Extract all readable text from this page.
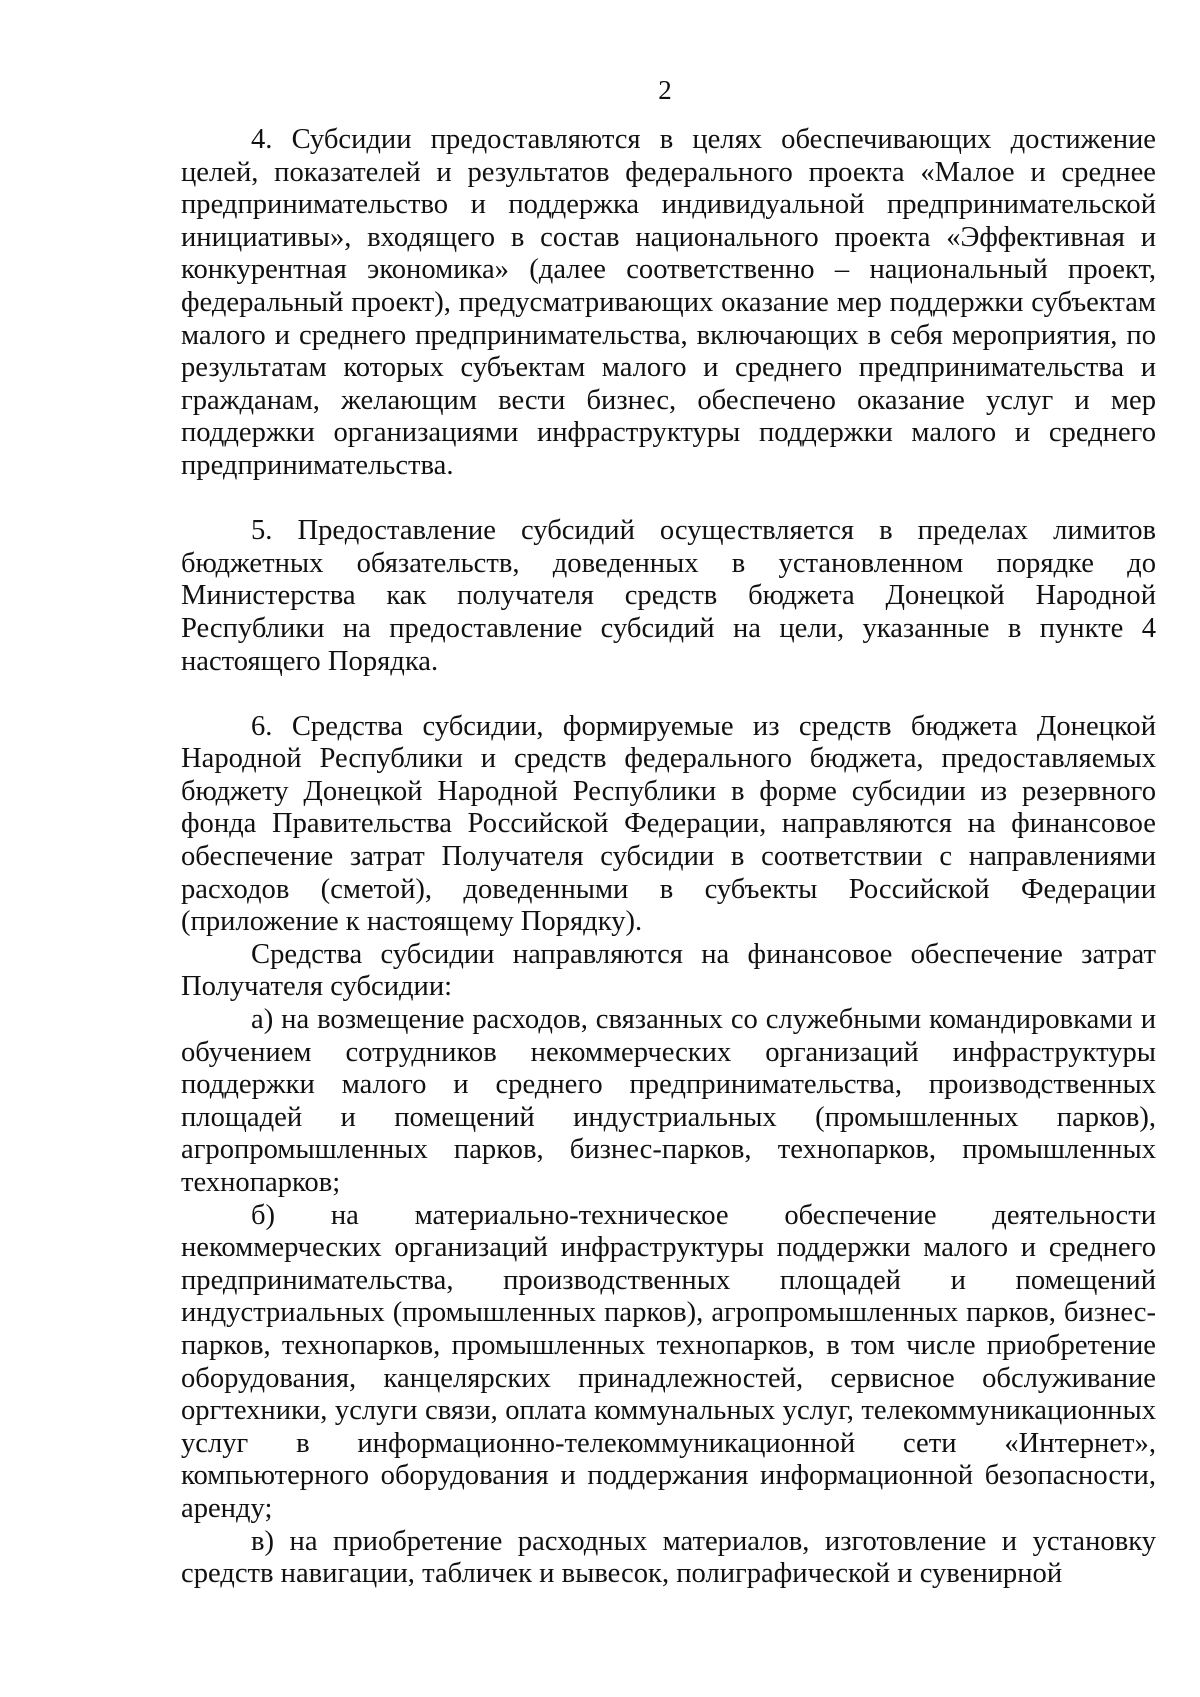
2

4. Субсидии предоставляются в целях обеспечивающих достижение целей, показателей и результатов федерального проекта «Малое и среднее предпринимательство и поддержка индивидуальной предпринимательской инициативы», входящего в состав национального проекта «Эффективная и конкурентная экономика» (далее соответственно – национальный проект, федеральный проект), предусматривающих оказание мер поддержки субъектам малого и среднего предпринимательства, включающих в себя мероприятия, по результатам которых субъектам малого и среднего предпринимательства и гражданам, желающим вести бизнес, обеспечено оказание услуг и мер поддержки организациями инфраструктуры поддержки малого и среднего предпринимательства.

5. Предоставление субсидий осуществляется в пределах лимитов бюджетных обязательств, доведенных в установленном порядке до Министерства как получателя средств бюджета Донецкой Народной Республики на предоставление субсидий на цели, указанные в пункте 4 настоящего Порядка.

6. Средства субсидии, формируемые из средств бюджета Донецкой Народной Республики и средств федерального бюджета, предоставляемых бюджету Донецкой Народной Республики в форме субсидии из резервного фонда Правительства Российской Федерации, направляются на финансовое обеспечение затрат Получателя субсидии в соответствии с направлениями расходов (сметой), доведенными в субъекты Российской Федерации (приложение к настоящему Порядку).

Средства субсидии направляются на финансовое обеспечение затрат Получателя субсидии:

а) на возмещение расходов, связанных со служебными командировками и обучением сотрудников некоммерческих организаций инфраструктуры поддержки малого и среднего предпринимательства, производственных площадей и помещений индустриальных (промышленных парков), агропромышленных парков, бизнес-парков, технопарков, промышленных технопарков;

б) на материально-техническое обеспечение деятельности некоммерческих организаций инфраструктуры поддержки малого и среднего предпринимательства, производственных площадей и помещений индустриальных (промышленных парков), агропромышленных парков, бизнес-парков, технопарков, промышленных технопарков, в том числе приобретение оборудования, канцелярских принадлежностей, сервисное обслуживание оргтехники, услуги связи, оплата коммунальных услуг, телекоммуникационных услуг в информационно-телекоммуникационной сети «Интернет», компьютерного оборудования и поддержания информационной безопасности, аренду;

в) на приобретение расходных материалов, изготовление и установку средств навигации, табличек и вывесок, полиграфической и сувенирной
